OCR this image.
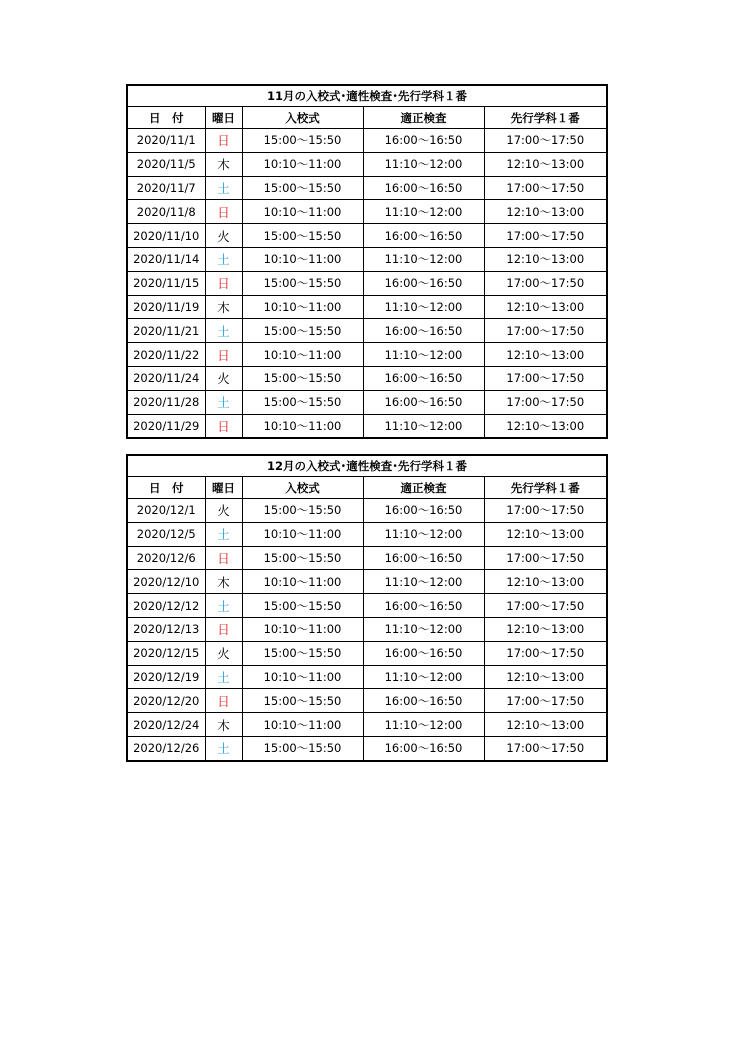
11月の入校式･適性検査･先行学科１番				
日　付	曜日	入校式	適正検査	先行学科１番
2020/11/1	日	15:00〜15:50	16:00〜16:50	17:00〜17:50
2020/11/5	木	10:10〜11:00	11:10〜12:00	12:10〜13:00
2020/11/7	土	15:00〜15:50	16:00〜16:50	17:00〜17:50
2020/11/8	日	10:10〜11:00	11:10〜12:00	12:10〜13:00
2020/11/10	火	15:00〜15:50	16:00〜16:50	17:00〜17:50
2020/11/14	土	10:10〜11:00	11:10〜12:00	12:10〜13:00
2020/11/15	日	15:00〜15:50	16:00〜16:50	17:00〜17:50
2020/11/19	木	10:10〜11:00	11:10〜12:00	12:10〜13:00
2020/11/21	土	15:00〜15:50	16:00〜16:50	17:00〜17:50
2020/11/22	日	10:10〜11:00	11:10〜12:00	12:10〜13:00
2020/11/24	火	15:00〜15:50	16:00〜16:50	17:00〜17:50
2020/11/28	土	15:00〜15:50	16:00〜16:50	17:00〜17:50
2020/11/29	日	10:10〜11:00	11:10〜12:00	12:10〜13:00
12月の入校式･適性検査･先行学科１番				
日　付	曜日	入校式	適正検査	先行学科１番
2020/12/1	火	15:00〜15:50	16:00〜16:50	17:00〜17:50
2020/12/5	土	10:10〜11:00	11:10〜12:00	12:10〜13:00
2020/12/6	日	15:00〜15:50	16:00〜16:50	17:00〜17:50
2020/12/10	木	10:10〜11:00	11:10〜12:00	12:10〜13:00
2020/12/12	土	15:00〜15:50	16:00〜16:50	17:00〜17:50
2020/12/13	日	10:10〜11:00	11:10〜12:00	12:10〜13:00
2020/12/15	火	15:00〜15:50	16:00〜16:50	17:00〜17:50
2020/12/19	土	10:10〜11:00	11:10〜12:00	12:10〜13:00
2020/12/20	日	15:00〜15:50	16:00〜16:50	17:00〜17:50
2020/12/24	木	10:10〜11:00	11:10〜12:00	12:10〜13:00
2020/12/26	土	15:00〜15:50	16:00〜16:50	17:00〜17:50
